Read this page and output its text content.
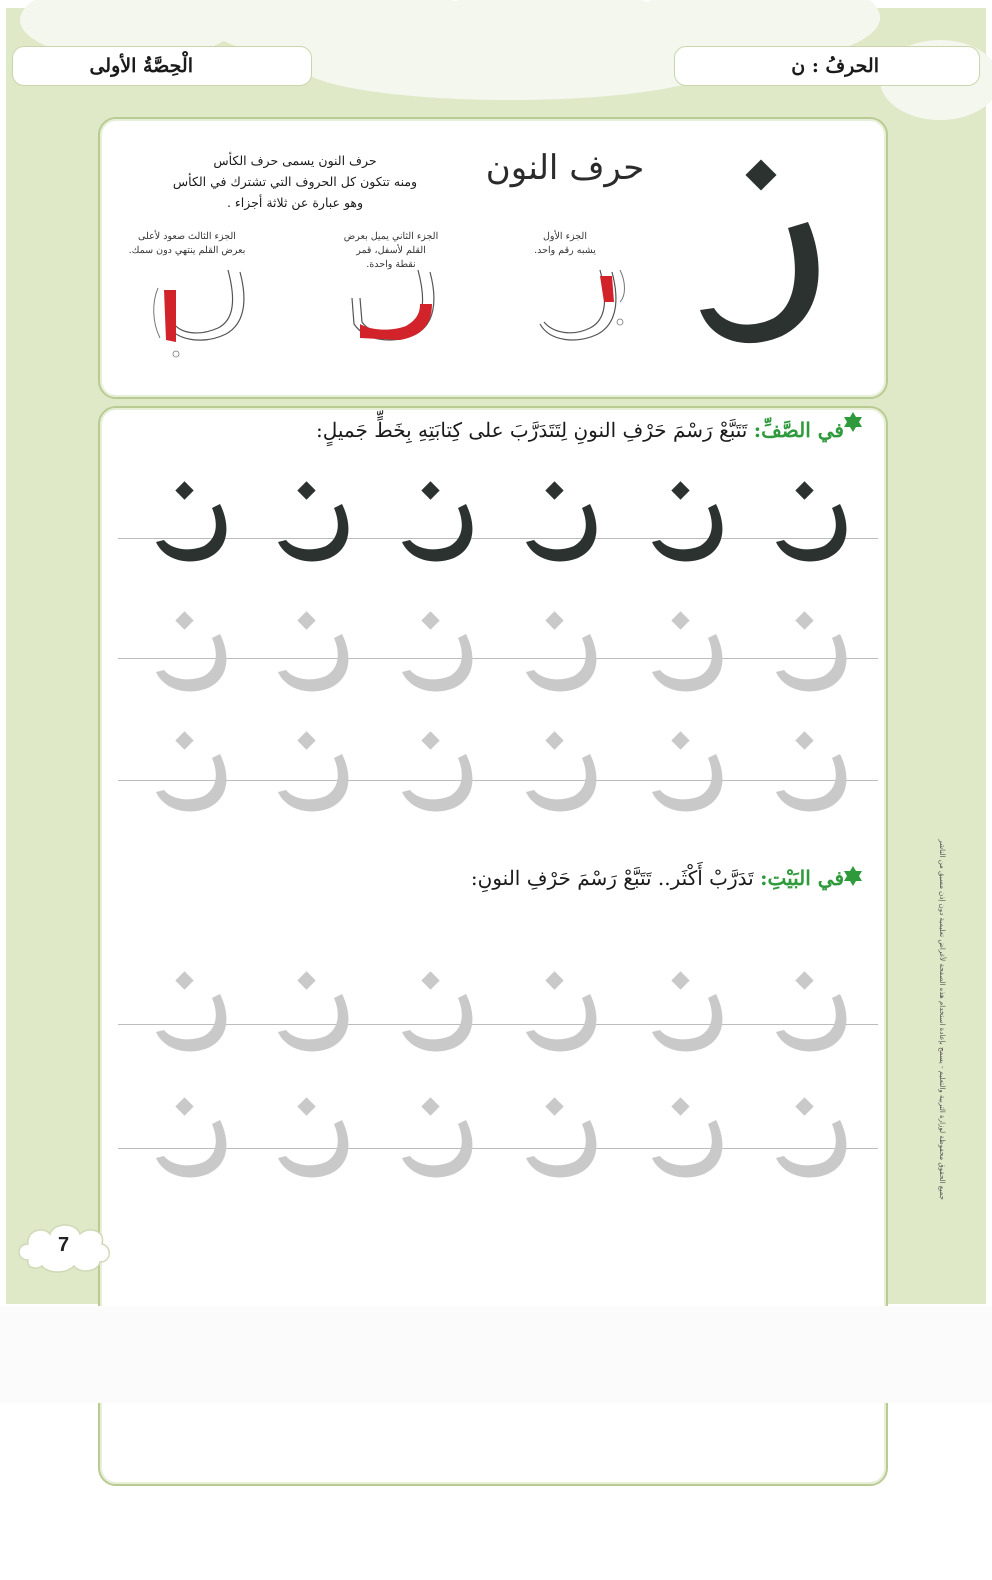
الحرفُ : ن
الْحِصَّةُ الأولى
حرف النون
حرف النون يسمى حرف الكأس
ومنه تتكون كل الحروف التي تشترك في الكأس
وهو عبارة عن ثلاثة أجزاء .
الجزء الأول
يشبه رقم واحد.
الجزء الثاني يميل بعرض
القلم لأسفل، قمر
نقطة واحدة.
الجزء الثالث صعود لأعلى
بعرض القلم ينتهي دون سمك.
في الصَّفِّ: تَتَبَّعْ رَسْمَ حَرْفِ النونِ لِتَتَدَرَّبَ على كِتابَتِهِ بِخَطٍّ جَميلٍ:
في البَيْتِ: تَدَرَّبْ أَكْثَر.. تَتَبَّعْ رَسْمَ حَرْفِ النونِ:	جميع الحقوق محفوظة لوزارة التربية والتعليم - يسمح بإعادة استخدام هذه الصفحة لأغراض تعليمية دون إذن مسبق من الناشر
7
